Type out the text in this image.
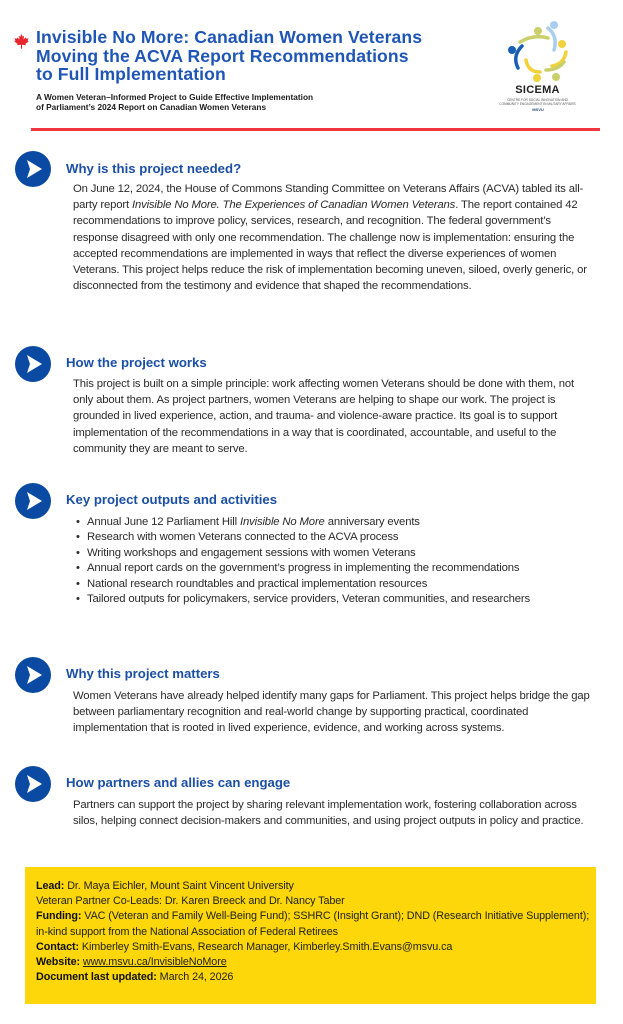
Invisible No More: Canadian Women Veterans
Moving the ACVA Report Recommendations
to Full Implementation
A Women Veteran–Informed Project to Guide Effective Implementation
of Parliament’s 2024 Report on Canadian Women Veterans
SICEMA
CENTRE FOR SOCIAL INNOVATION AND
COMMUNITY ENGAGEMENT IN MILITARY AFFAIRS
MSVU
Why is this project needed?
On June 12, 2024, the House of Commons Standing Committee on Veterans Affairs (ACVA) tabled its all-party report Invisible No More. The Experiences of Canadian Women Veterans. The report contained 42 recommendations to improve policy, services, research, and recognition. The federal government’s response disagreed with only one recommendation. The challenge now is implementation: ensuring the accepted recommendations are implemented in ways that reflect the diverse experiences of women Veterans. This project helps reduce the risk of implementation becoming uneven, siloed, overly generic, or disconnected from the testimony and evidence that shaped the recommendations.
How the project works
This project is built on a simple principle: work affecting women Veterans should be done with them, not only about them. As project partners, women Veterans are helping to shape our work. The project is grounded in lived experience, action, and trauma- and violence-aware practice. Its goal is to support implementation of the recommendations in a way that is coordinated, accountable, and useful to the community they are meant to serve.
Key project outputs and activities
• Annual June 12 Parliament Hill Invisible No More anniversary events
• Research with women Veterans connected to the ACVA process
• Writing workshops and engagement sessions with women Veterans
• Annual report cards on the government’s progress in implementing the recommendations
• National research roundtables and practical implementation resources
• Tailored outputs for policymakers, service providers, Veteran communities, and researchers
Why this project matters
Women Veterans have already helped identify many gaps for Parliament. This project helps bridge the gap between parliamentary recognition and real-world change by supporting practical, coordinated implementation that is rooted in lived experience, evidence, and working across systems.
How partners and allies can engage
Partners can support the project by sharing relevant implementation work, fostering collaboration across silos, helping connect decision-makers and communities, and using project outputs in policy and practice.
Lead: Dr. Maya Eichler, Mount Saint Vincent University
Veteran Partner Co-Leads: Dr. Karen Breeck and Dr. Nancy Taber
Funding: VAC (Veteran and Family Well-Being Fund); SSHRC (Insight Grant); DND (Research Initiative Supplement); in-kind support from the National Association of Federal Retirees
Contact: Kimberley Smith-Evans, Research Manager, Kimberley.Smith.Evans@msvu.ca
Website: www.msvu.ca/InvisibleNoMore
Document last updated: March 24, 2026
